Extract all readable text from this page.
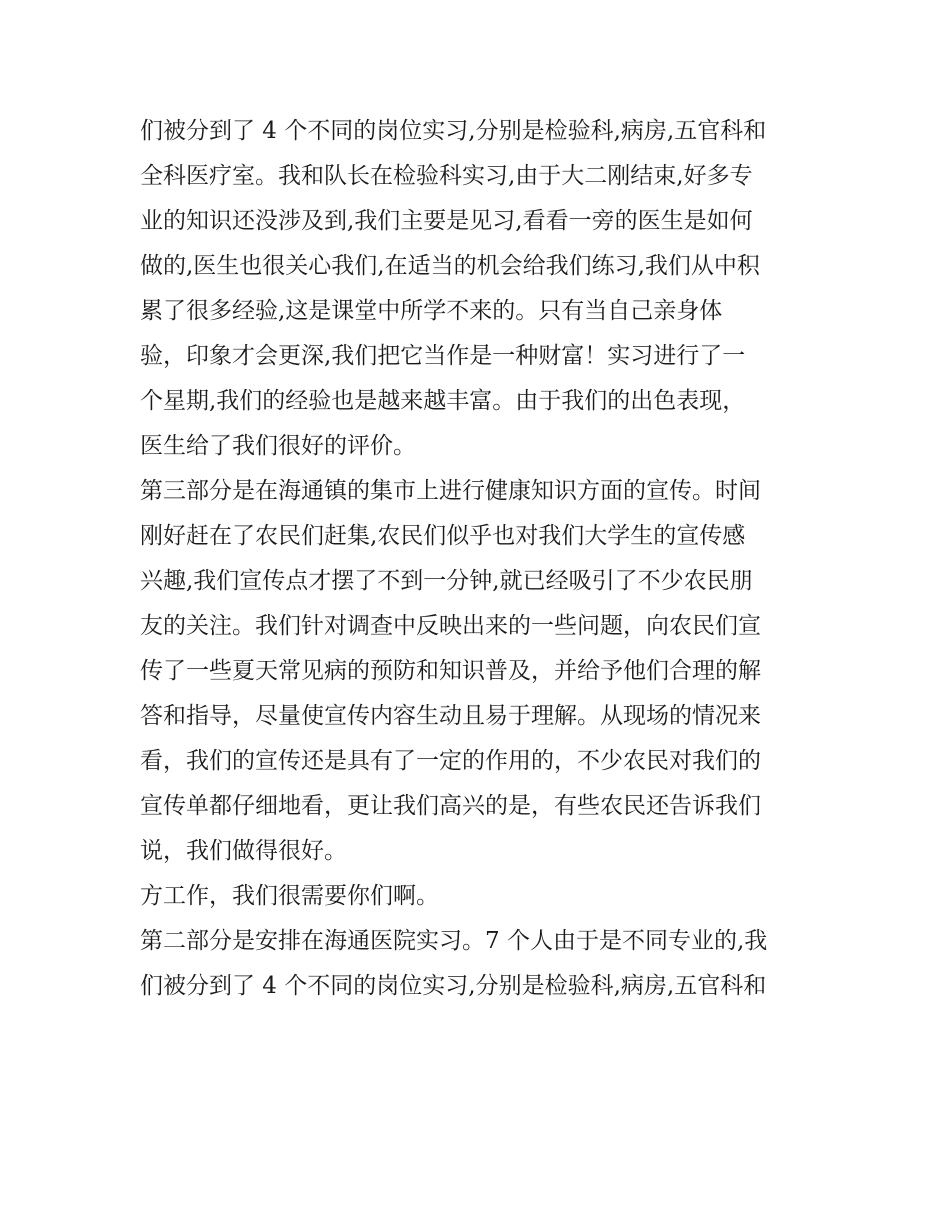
们被分到了 4 个不同的岗位实习,分别是检验科,病房,五官科和
全科医疗室。我和队长在检验科实习,由于大二刚结束,好多专
业的知识还没涉及到,我们主要是见习,看看一旁的医生是如何
做的,医生也很关心我们,在适当的机会给我们练习,我们从中积
累了很多经验,这是课堂中所学不来的。只有当自己亲身体
验，印象才会更深,我们把它当作是一种财富！实习进行了一
个星期,我们的经验也是越来越丰富。由于我们的出色表现，
医生给了我们很好的评价。
第三部分是在海通镇的集市上进行健康知识方面的宣传。时间
刚好赶在了农民们赶集,农民们似乎也对我们大学生的宣传感
兴趣,我们宣传点才摆了不到一分钟,就已经吸引了不少农民朋
友的关注。我们针对调查中反映出来的一些问题，向农民们宣
传了一些夏天常见病的预防和知识普及，并给予他们合理的解
答和指导，尽量使宣传内容生动且易于理解。从现场的情况来
看，我们的宣传还是具有了一定的作用的，不少农民对我们的
宣传单都仔细地看，更让我们高兴的是，有些农民还告诉我们
说，我们做得很好。
方工作，我们很需要你们啊。
第二部分是安排在海通医院实习。7 个人由于是不同专业的,我
们被分到了 4 个不同的岗位实习,分别是检验科,病房,五官科和
